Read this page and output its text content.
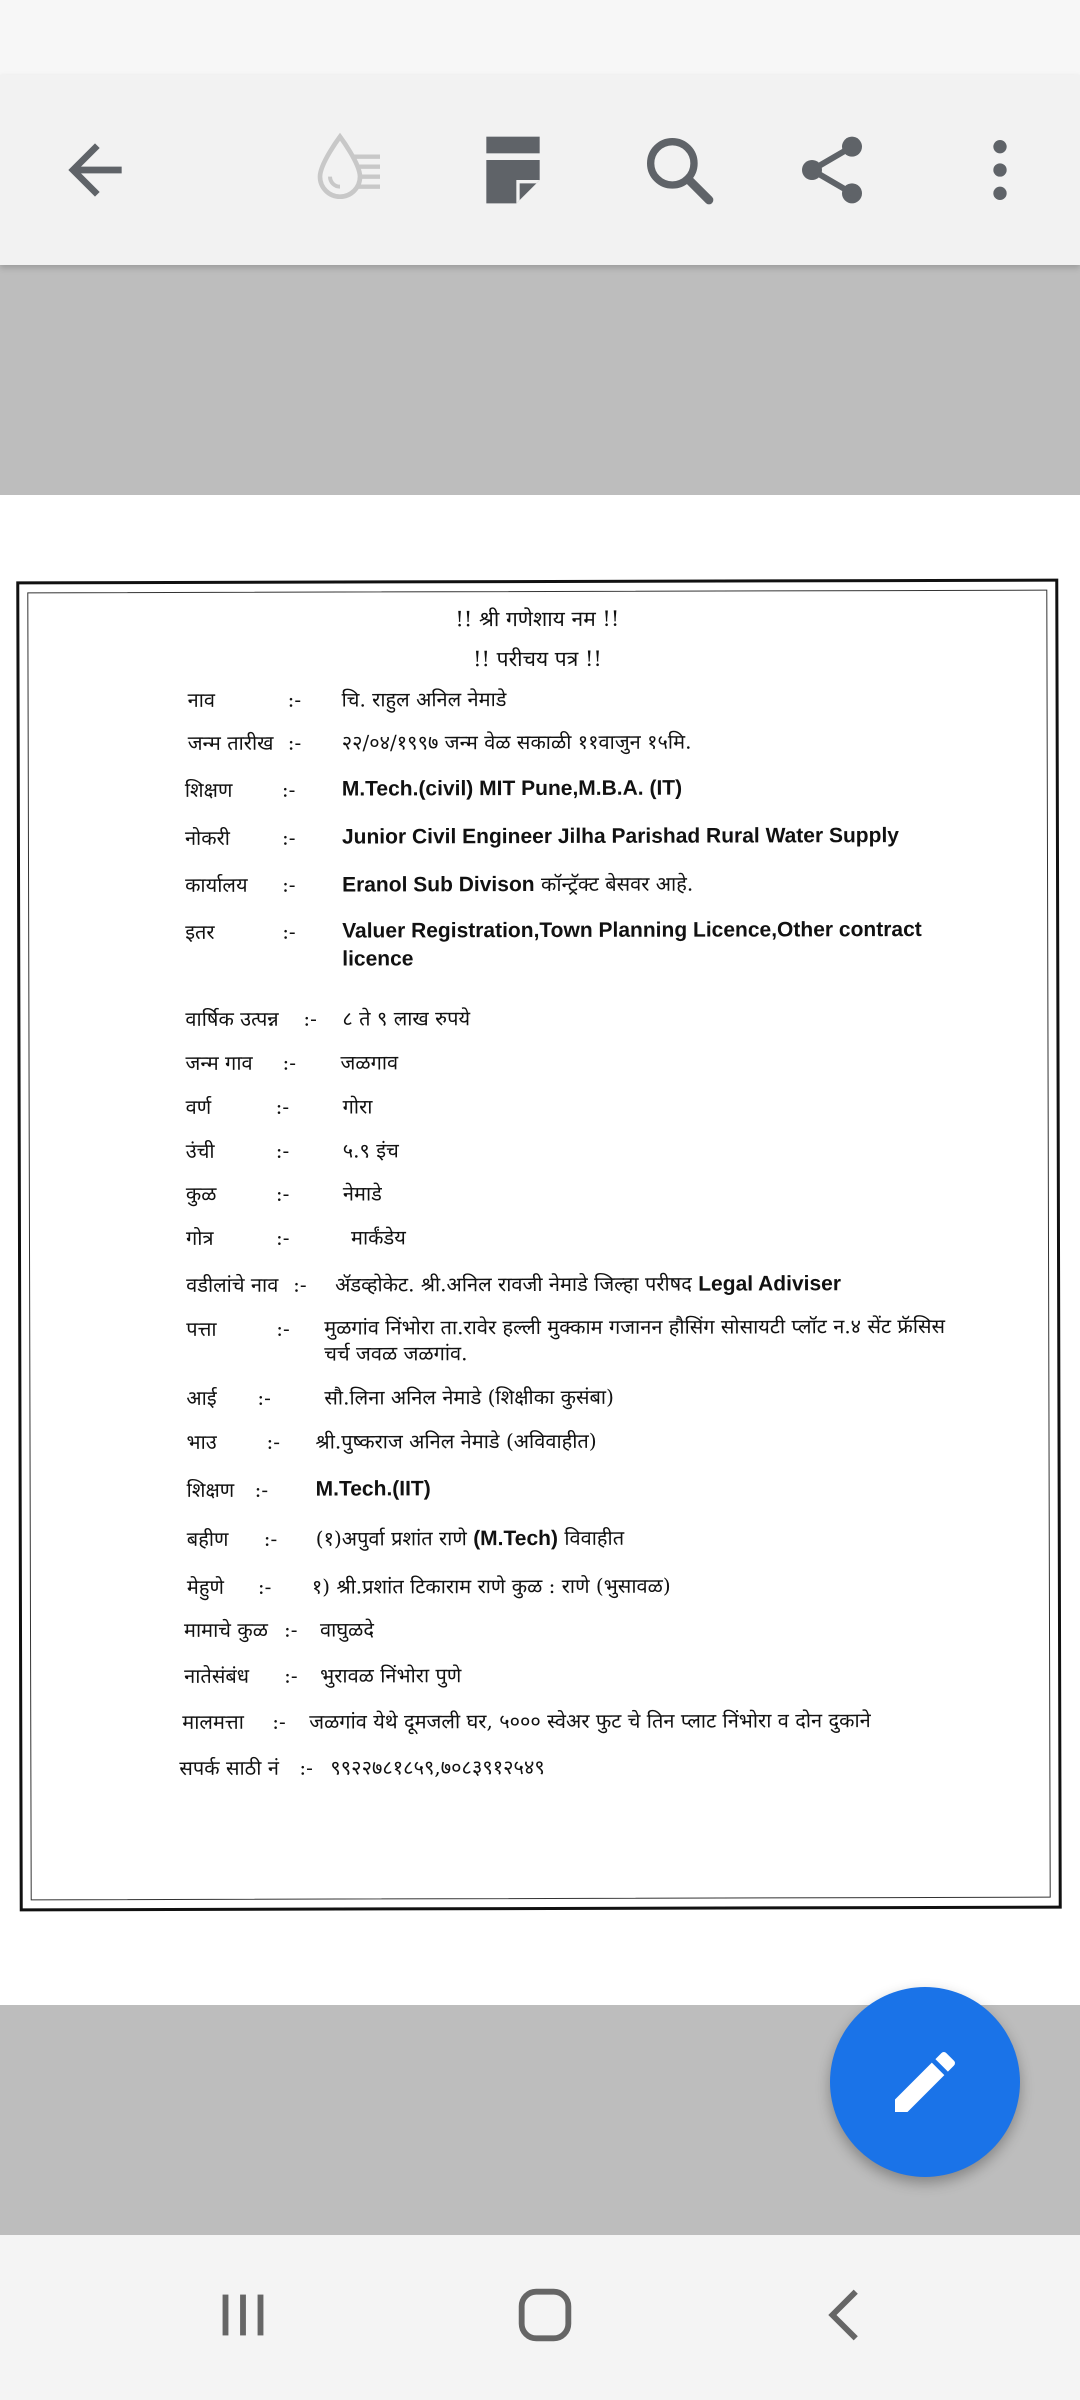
!! श्री गणेशाय नम !!
!! परीचय पत्र !!
नाव	:- चि. राहुल अनिल नेमाडे
जन्म तारीख :- २२/०४/१९९७ जन्म वेळ सकाळी ११वाजुन १५मि.
शिक्षण :- M.Tech.(civil) MIT Pune,M.B.A. (IT)
नोकरी	:- Junior Civil Engineer Jilha Parishad Rural Water Supply
कार्यालय :- Eranol Sub Divison कॉन्ट्रॅक्ट बेसवर आहे.
इतर	:- Valuer Registration,Town Planning Licence,Other contract licence
वार्षिक उत्पन्न :- ८ ते ९ लाख रुपये
जन्म गाव :- जळगाव
वर्ण	:-	गोरा
उंची	:-	५.९ इंच
कुळ	:-	नेमाडे
गोत्र	:-	मार्कंडेय
वडीलांचे नाव :- ॲडव्होकेट. श्री.अनिल रावजी नेमाडे जिल्हा परीषद Legal Adiviser
पत्ता	:- मुळगांव निंभोरा ता.रावेर हल्ली मुक्काम गजानन हौसिंग सोसायटी प्लॉट न.४ सेंट फ्रॅसिस चर्च जवळ जळगांव.
आई :-	सौ.लिना अनिल नेमाडे (शिक्षीका कुसंबा)
भाउ :- श्री.पुष्कराज अनिल नेमाडे (अविवाहीत)
शिक्षण :- M.Tech.(IIT)
बहीण :- (१)अपुर्वा प्रशांत राणे (M.Tech) विवाहीत
मेहुणे :- १) श्री.प्रशांत टिकाराम राणे कुळ : राणे (भुसावळ)
मामाचे कुळ :- वाघुळदे
नातेसंबंध :- भुरावळ निंभोरा पुणे
मालमत्ता :- जळगांव येथे दूमजली घर, ५००० स्वेअर फुट चे तिन प्लाट निंभोरा व दोन दुकाने
सपर्क साठी नं :- ९९२२७८१८५९,७०८३९१२५४९
